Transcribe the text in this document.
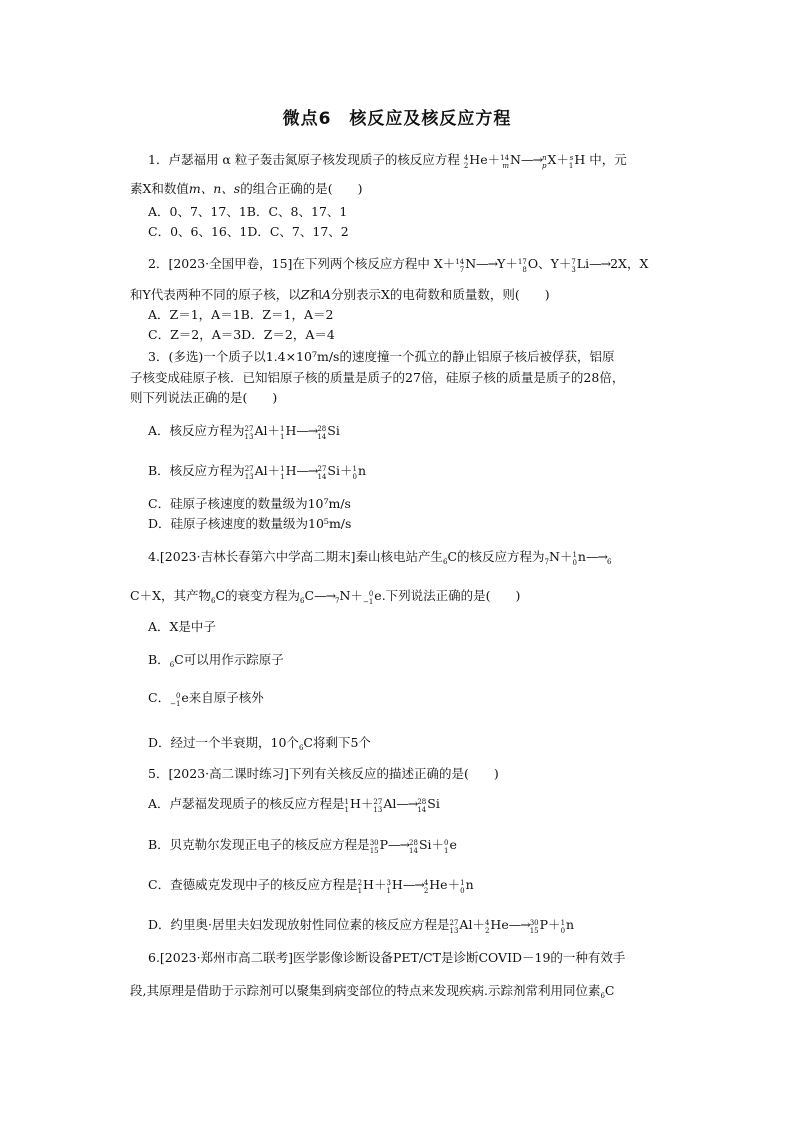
微点6　核反应及核反应方程
1．卢瑟福用 α 粒子轰击氮原子核发现质子的核反应方程 4
2 He＋ 14
m N—→ n
p X＋ s
1 H 中，元
素X和数值m、n、s的组合正确的是(　　)
A．0、7、17、1B．C、8、17、1
C．0、6、16、1D．C、7、17、2
2．[2023·全国甲卷，15]在下列两个核反应方程中 X＋ 14
7 N—→Y＋ 17
8 O、Y＋ 7
3 Li—→2X，X
和Y代表两种不同的原子核，以Z和A分别表示X的电荷数和质量数，则(　　)
A．Z＝1，A＝1B．Z＝1，A＝2
C．Z＝2，A＝3D．Z＝2，A＝4
3．(多选)一个质子以1.4×10⁷m/s的速度撞一个孤立的静止铝原子核后被俘获，铝原
子核变成硅原子核．已知铝原子核的质量是质子的27倍，硅原子核的质量是质子的28倍，
则下列说法正确的是(　　)
A．核反应方程为 27
13 Al＋ 1
1 H—→ 28
14 Si
B．核反应方程为 27
13 Al＋ 1
1 H—→ 27
14 Si＋ 1
0 n
C．硅原子核速度的数量级为10⁷m/s
D．硅原子核速度的数量级为10⁵m/s
4.[2023·吉林长春第六中学高二期末]秦山核电站产生$_6$C的核反应方程为$_7$N＋ 1
0 $n—\to_6$
C＋X，其产物$_6$C的衰变方程为$_6C—\to_7N+ 0$
−1 e.下列说法正确的是(　　)
A．X是中子
B．$_6$C可以用作示踪原子
C． 0
−1 e来自原子核外
D．经过一个半衰期，10个$_6$C将剩下5个
5．[2023·高二课时练习]下列有关核反应的描述正确的是(　　)
A．卢瑟福发现质子的核反应方程是 1
1 H＋ 27
13 Al—→ 28
14 Si
B．贝克勒尔发现正电子的核反应方程是 30
15 P—→ 28
14 Si＋ 0
1 e
C．查德威克发现中子的核反应方程是 2
1 H＋ 3
1 H—→ 4
2 He＋ 1
0 n
D．约里奥·居里夫妇发现放射性同位素的核反应方程是 27
13 Al＋ 4
2 He—→ 30
15 P＋ 1
0 n
6.[2023·郑州市高二联考]医学影像诊断设备PET/CT是诊断COVID－19的一种有效手
段,其原理是借助于示踪剂可以聚集到病变部位的特点来发现疾病.示踪剂常利用同位素$_6$C
